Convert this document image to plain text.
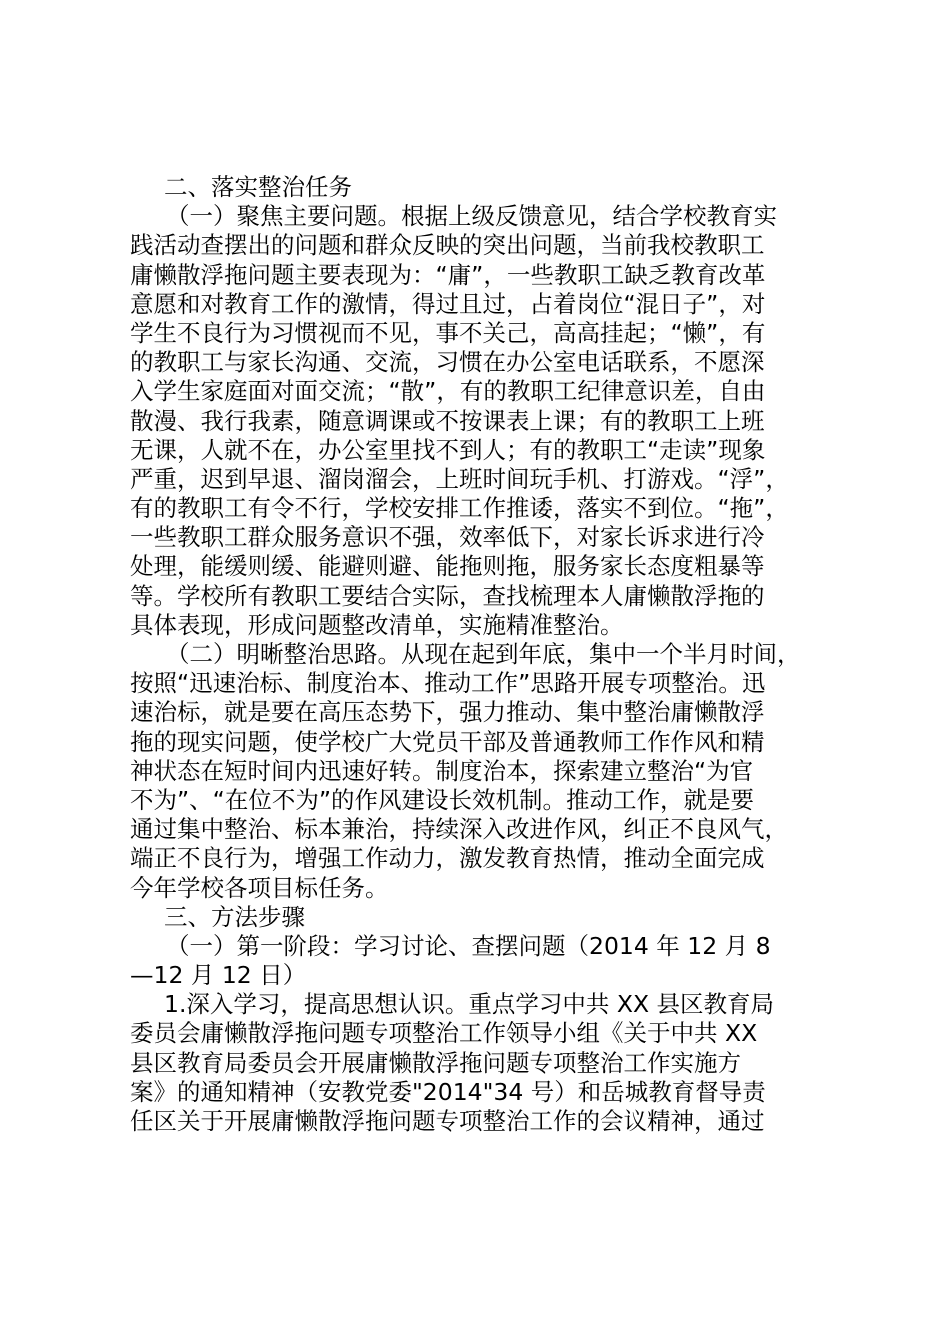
二、落实整治任务
（一）聚焦主要问题。根据上级反馈意见，结合学校教育实
践活动查摆出的问题和群众反映的突出问题，当前我校教职工
庸懒散浮拖问题主要表现为：“庸”，一些教职工缺乏教育改革
意愿和对教育工作的激情，得过且过，占着岗位“混日子”，对
学生不良行为习惯视而不见，事不关己，高高挂起；“懒”，有
的教职工与家长沟通、交流，习惯在办公室电话联系，不愿深
入学生家庭面对面交流；“散”，有的教职工纪律意识差，自由
散漫、我行我素，随意调课或不按课表上课；有的教职工上班
无课，人就不在，办公室里找不到人；有的教职工“走读”现象
严重，迟到早退、溜岗溜会，上班时间玩手机、打游戏。“浮”，
有的教职工有令不行，学校安排工作推诿，落实不到位。“拖”，
一些教职工群众服务意识不强，效率低下，对家长诉求进行冷
处理，能缓则缓、能避则避、能拖则拖，服务家长态度粗暴等
等。学校所有教职工要结合实际，查找梳理本人庸懒散浮拖的
具体表现，形成问题整改清单，实施精准整治。
（二）明晰整治思路。从现在起到年底，集中一个半月时间，
按照“迅速治标、制度治本、推动工作”思路开展专项整治。迅
速治标，就是要在高压态势下，强力推动、集中整治庸懒散浮
拖的现实问题，使学校广大党员干部及普通教师工作作风和精
神状态在短时间内迅速好转。制度治本，探索建立整治“为官
不为”、“在位不为”的作风建设长效机制。推动工作，就是要
通过集中整治、标本兼治，持续深入改进作风，纠正不良风气，
端正不良行为，增强工作动力，激发教育热情，推动全面完成
今年学校各项目标任务。
三、方法步骤
（一）第一阶段：学习讨论、查摆问题（2014 年 12 月 8
—12 月 12 日）
1.深入学习，提高思想认识。重点学习中共 XX 县区教育局
委员会庸懒散浮拖问题专项整治工作领导小组《关于中共 XX
县区教育局委员会开展庸懒散浮拖问题专项整治工作实施方
案》的通知精神（安教党委"2014"34 号）和岳城教育督导责
任区关于开展庸懒散浮拖问题专项整治工作的会议精神，通过
